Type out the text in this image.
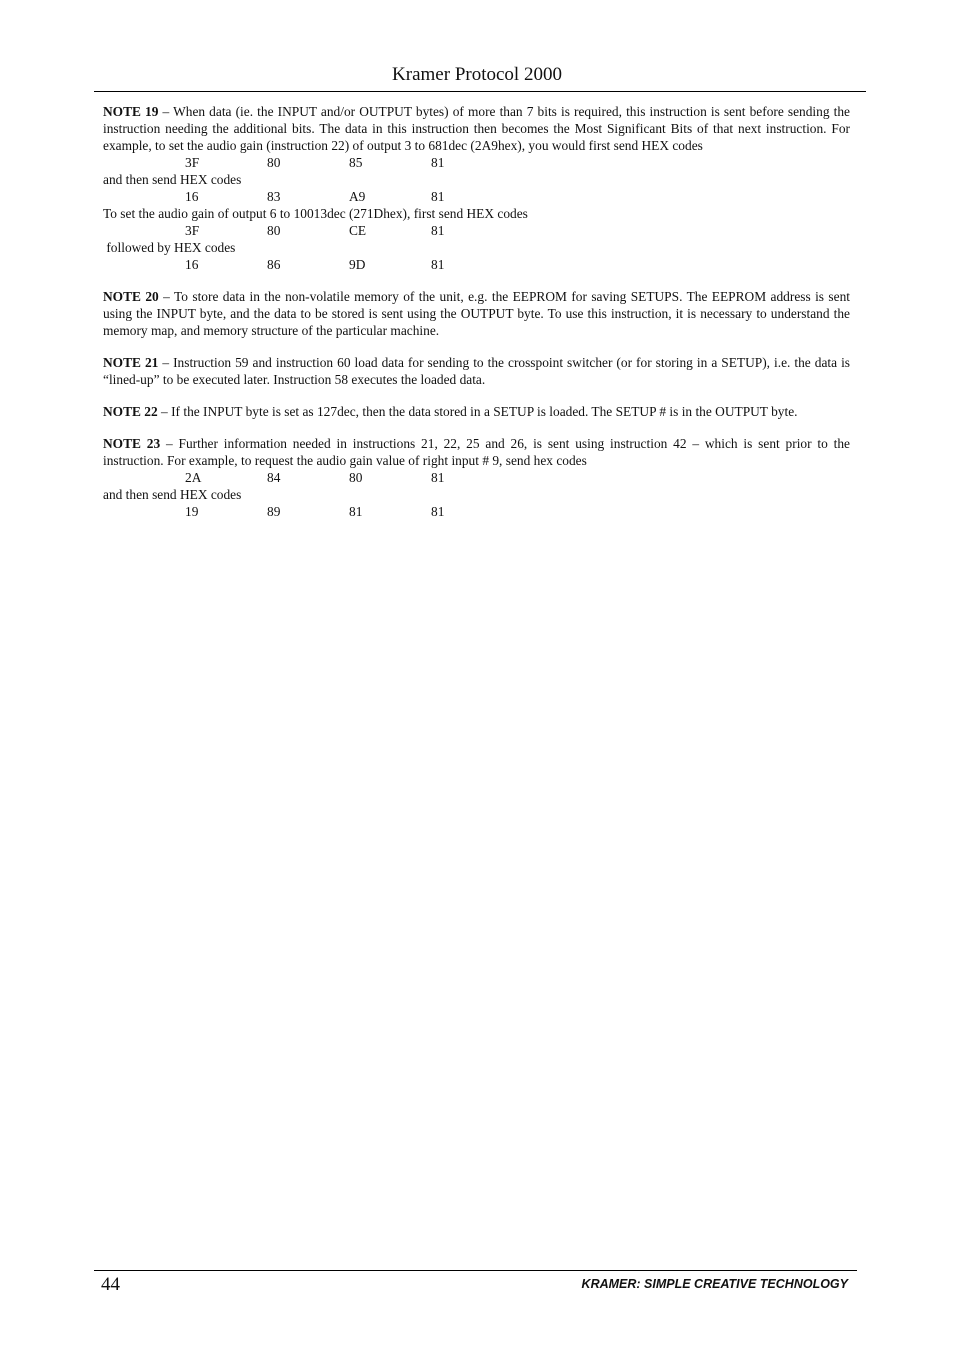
Kramer Protocol 2000

NOTE 19 – When data (ie. the INPUT and/or OUTPUT bytes) of more than 7 bits is required, this instruction is sent before sending the instruction needing the additional bits. The data in this instruction then becomes the Most Significant Bits of that next instruction. For example, to set the audio gain (instruction 22) of output 3 to 681dec (2A9hex), you would first send HEX codes

3F	80	85	81

and then send HEX codes

16	83	A9	81

To set the audio gain of output 6 to 10013dec (271Dhex), first send HEX codes

3F	80	CE	81

followed by HEX codes

16	86	9D	81

NOTE 20 – To store data in the non-volatile memory of the unit, e.g. the EEPROM for saving SETUPS. The EEPROM address is sent using the INPUT byte, and the data to be stored is sent using the OUTPUT byte. To use this instruction, it is necessary to understand the memory map, and memory structure of the particular machine.

NOTE 21 – Instruction 59 and instruction 60 load data for sending to the crosspoint switcher (or for storing in a SETUP), i.e. the data is “lined-up” to be executed later. Instruction 58 executes the loaded data.

NOTE 22 – If the INPUT byte is set as 127dec, then the data stored in a SETUP is loaded. The SETUP # is in the OUTPUT byte.

NOTE 23 – Further information needed in instructions 21, 22, 25 and 26, is sent using instruction 42 – which is sent prior to the instruction. For example, to request the audio gain value of right input # 9, send hex codes

2A	84	80	81

and then send HEX codes

19	89	81	81
44	KRAMER: SIMPLE CREATIVE TECHNOLOGY
